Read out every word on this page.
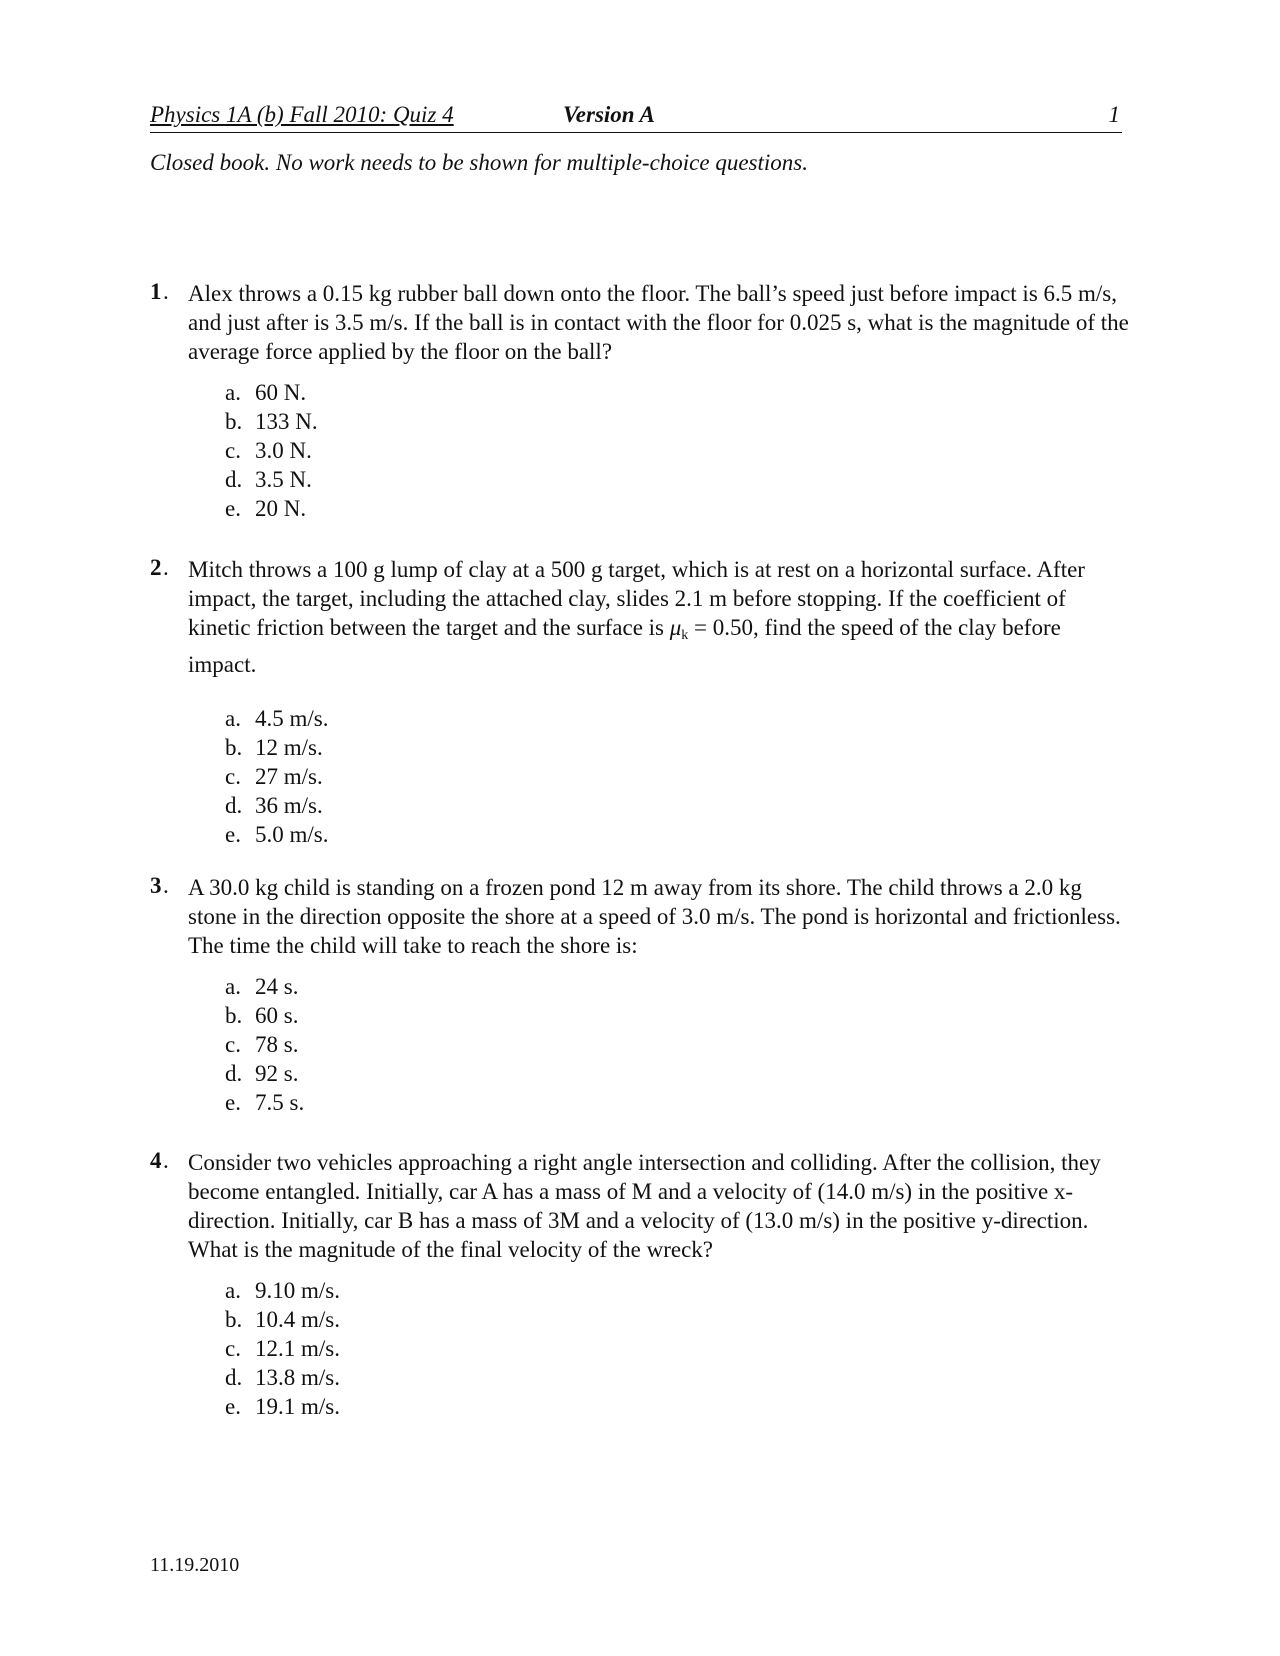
Physics 1A (b) Fall 2010: Quiz 4	Version A	1
Closed book. No work needs to be shown for multiple-choice questions.
1 . Alex throws a 0.15 kg rubber ball down onto the floor. The ball’s speed just before impact is 6.5 m/s, and just after is 3.5 m/s. If the ball is in contact with the floor for 0.025 s, what is the magnitude of the average force applied by the floor on the ball?
a. 60 N.
b. 133 N.
c. 3.0 N.
d. 3.5 N.
e. 20 N.
2 . Mitch throws a 100 g lump of clay at a 500 g target, which is at rest on a horizontal surface. After impact, the target, including the attached clay, slides 2.1 m before stopping. If the coefficient of kinetic friction between the target and the surface is $\mu_k = 0.50$, find the speed of the clay before impact.
a. 4.5 m/s.
b. 12 m/s.
c. 27 m/s.
d. 36 m/s.
e. 5.0 m/s.
3 . A 30.0 kg child is standing on a frozen pond 12 m away from its shore. The child throws a 2.0 kg stone in the direction opposite the shore at a speed of 3.0 m/s. The pond is horizontal and frictionless. The time the child will take to reach the shore is:
a. 24 s.
b. 60 s.
c. 78 s.
d. 92 s.
e. 7.5 s.
4 . Consider two vehicles approaching a right angle intersection and colliding. After the collision, they become entangled. Initially, car A has a mass of M and a velocity of (14.0 m/s) in the positive x-direction. Initially, car B has a mass of 3M and a velocity of (13.0 m/s) in the positive y-direction. What is the magnitude of the final velocity of the wreck?
a. 9.10 m/s.
b. 10.4 m/s.
c. 12.1 m/s.
d. 13.8 m/s.
e. 19.1 m/s.
11.19.2010
